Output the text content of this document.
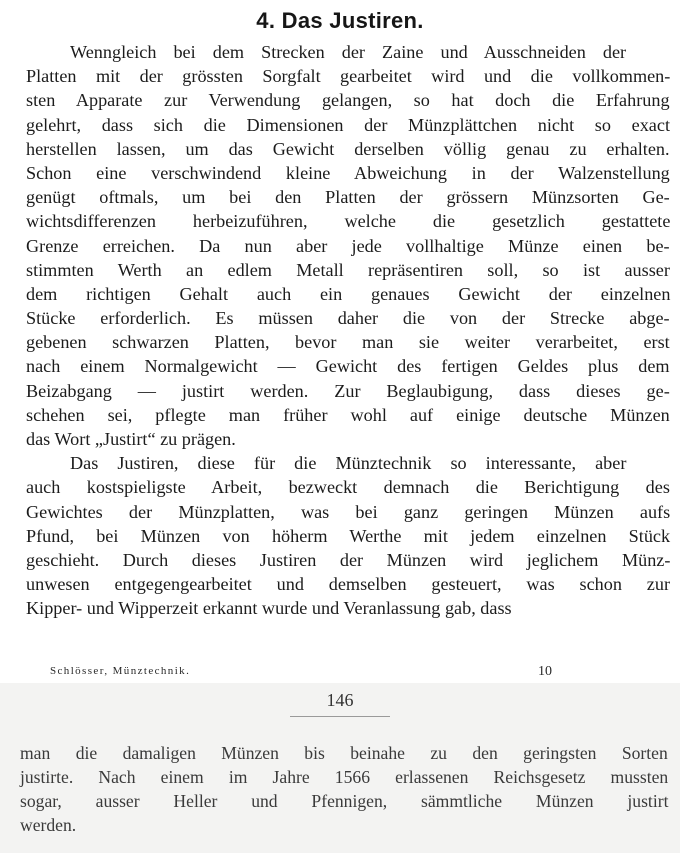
4. Das Justiren.
Wenngleich bei dem Strecken der Zaine und Ausschneiden der
Platten mit der grössten Sorgfalt gearbeitet wird und die vollkommen-
sten Apparate zur Verwendung gelangen, so hat doch die Erfahrung
gelehrt, dass sich die Dimensionen der Münzplättchen nicht so exact
herstellen lassen, um das Gewicht derselben völlig genau zu erhalten.
Schon eine verschwindend kleine Abweichung in der Walzenstellung
genügt oftmals, um bei den Platten der grössern Münzsorten Ge-
wichtsdifferenzen herbeizuführen, welche die gesetzlich gestattete
Grenze erreichen. Da nun aber jede vollhaltige Münze einen be-
stimmten Werth an edlem Metall repräsentiren soll, so ist ausser
dem richtigen Gehalt auch ein genaues Gewicht der einzelnen
Stücke erforderlich. Es müssen daher die von der Strecke abge-
gebenen schwarzen Platten, bevor man sie weiter verarbeitet, erst
nach einem Normalgewicht — Gewicht des fertigen Geldes plus dem
Beizabgang — justirt werden. Zur Beglaubigung, dass dieses ge-
schehen sei, pflegte man früher wohl auf einige deutsche Münzen
das Wort „Justirt“ zu prägen.
Das Justiren, diese für die Münztechnik so interessante, aber
auch kostspieligste Arbeit, bezweckt demnach die Berichtigung des
Gewichtes der Münzplatten, was bei ganz geringen Münzen aufs
Pfund, bei Münzen von höherm Werthe mit jedem einzelnen Stück
geschieht. Durch dieses Justiren der Münzen wird jeglichem Münz-
unwesen entgegengearbeitet und demselben gesteuert, was schon zur
Kipper- und Wipperzeit erkannt wurde und Veranlassung gab, dass
Schlösser, Münztechnik.	10
146
man die damaligen Münzen bis beinahe zu den geringsten Sorten
justirte. Nach einem im Jahre 1566 erlassenen Reichsgesetz mussten
sogar, ausser Heller und Pfennigen, sämmtliche Münzen justirt
werden.
